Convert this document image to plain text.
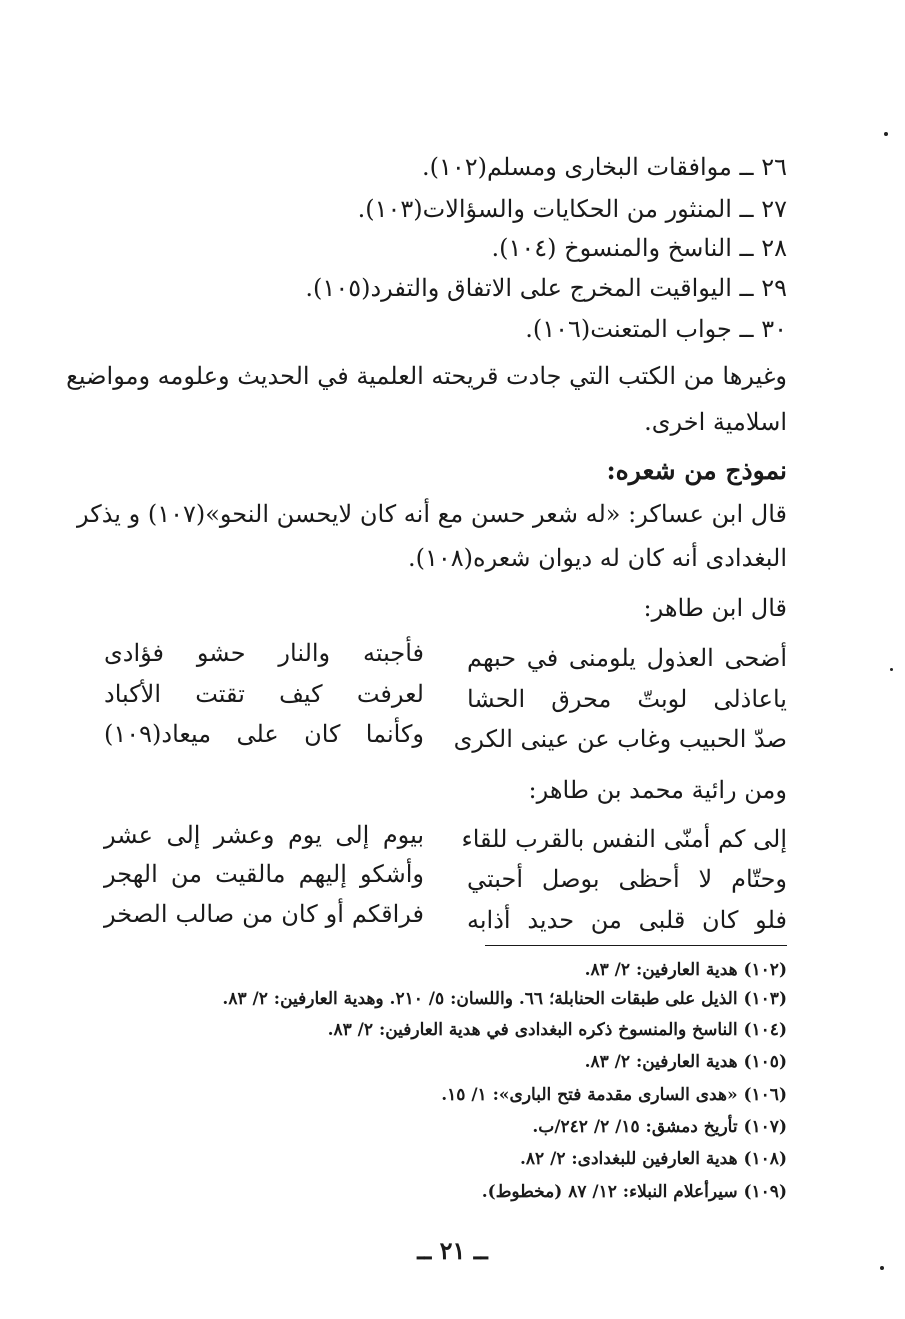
٢٦ ــ موافقات البخارى ومسلم(١٠٢).
٢٧ ــ المنثور من الحكايات والسؤالات(١٠٣).
٢٨ ــ الناسخ والمنسوخ (١٠٤).
٢٩ ــ اليواقيت المخرج على الاتفاق والتفرد(١٠٥).
٣٠ ــ جواب المتعنت(١٠٦).
وغيرها من الكتب التي جادت قريحته العلمية في الحديث وعلومه ومواضيع
اسلامية اخرى.
نموذج من شعره:
قال ابن عساكر: «له شعر حسن مع أنه كان لايحسن النحو»(١٠٧) و يذكر
البغدادى أنه كان له ديوان شعره(١٠٨).
قال ابن طاهر:
أضحى العذول يلومنى في حبهم
فأجبته والنار حشو فؤادى
ياعاذلى لوبتّ محرق الحشا
لعرفت كيف تقتت الأكباد
صدّ الحبيب وغاب عن عينى الكرى
وكأنما كان على ميعاد(١٠٩)
ومن رائية محمد بن طاهر:
إلى كم أمنّى النفس بالقرب للقاء
بيوم إلى يوم وعشر إلى عشر
وحتّام لا أحظى بوصل أحبتي
وأشكو إليهم مالقيت من الهجر
فلو كان قلبى من حديد أذابه
فراقكم أو كان من صالب الصخر
(١٠٢) هدية العارفين: ٢/ ٨٣.
(١٠٣) الذيل على طبقات الحنابلة؛ ٦٦. واللسان: ٥/ ٢١٠. وهدية العارفين: ٢/ ٨٣.
(١٠٤) الناسخ والمنسوخ ذكره البغدادى في هدية العارفين: ٢/ ٨٣.
(١٠٥) هدية العارفين: ٢/ ٨٣.
(١٠٦) «هدى السارى مقدمة فتح البارى»: ١/ ١٥.
(١٠٧) تأريخ دمشق: ١٥/ ٢/ ٢٤٢/ب.
(١٠٨) هدية العارفين للبغدادى: ٢/ ٨٢.
(١٠٩) سيرأعلام النبلاء: ١٢/ ٨٧ (مخطوط).
ــ ٢١ ــ
